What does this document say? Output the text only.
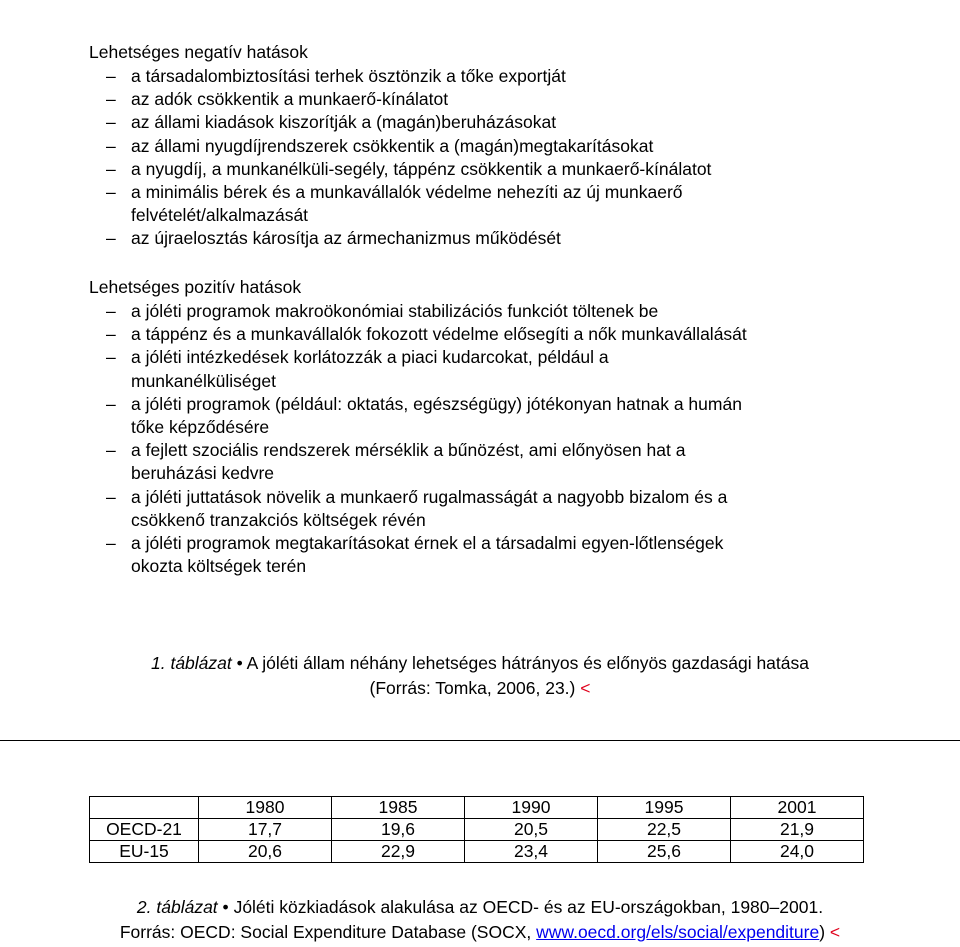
Lehetséges negatív hatások
– a társadalombiztosítási terhek ösztönzik a tőke exportját
– az adók csökkentik a munkaerő-kínálatot
– az állami kiadások kiszorítják a (magán)beruházásokat
– az állami nyugdíjrendszerek csökkentik a (magán)megtakarításokat
– a nyugdíj, a munkanélküli-segély, táppénz csökkentik a munkaerő-kínálatot
– a minimális bérek és a munkavállalók védelme nehezíti az új munkaerő felvételét/alkalmazását
– az újraelosztás károsítja az ármechanizmus működését
Lehetséges pozitív hatások
– a jóléti programok makroökonómiai stabilizációs funkciót töltenek be
– a táppénz és a munkavállalók fokozott védelme elősegíti a nők munkavállalását
– a jóléti intézkedések korlátozzák a piaci kudarcokat, például a munkanélküliséget
– a jóléti programok (például: oktatás, egészségügy) jótékonyan hatnak a humán tőke képződésére
– a fejlett szociális rendszerek mérséklik a bűnözést, ami előnyösen hat a beruházási kedvre
– a jóléti juttatások növelik a munkaerő rugalmasságát a nagyobb bizalom és a csökkenő tranzakciós költségek révén
– a jóléti programok megtakarításokat érnek el a társadalmi egyen-lőtlenségek okozta költségek terén
1. táblázat • A jóléti állam néhány lehetséges hátrányos és előnyös gazdasági hatása
(Forrás: Tomka, 2006, 23.) <
	1980	1985	1990	1995	2001
OECD-21	17,7	19,6	20,5	22,5	21,9
EU-15	20,6	22,9	23,4	25,6	24,0
2. táblázat • Jóléti közkiadások alakulása az OECD- és az EU-országokban, 1980–2001.
Forrás: OECD: Social Expenditure Database (SOCX, www.oecd.org/els/social/expenditure) <
